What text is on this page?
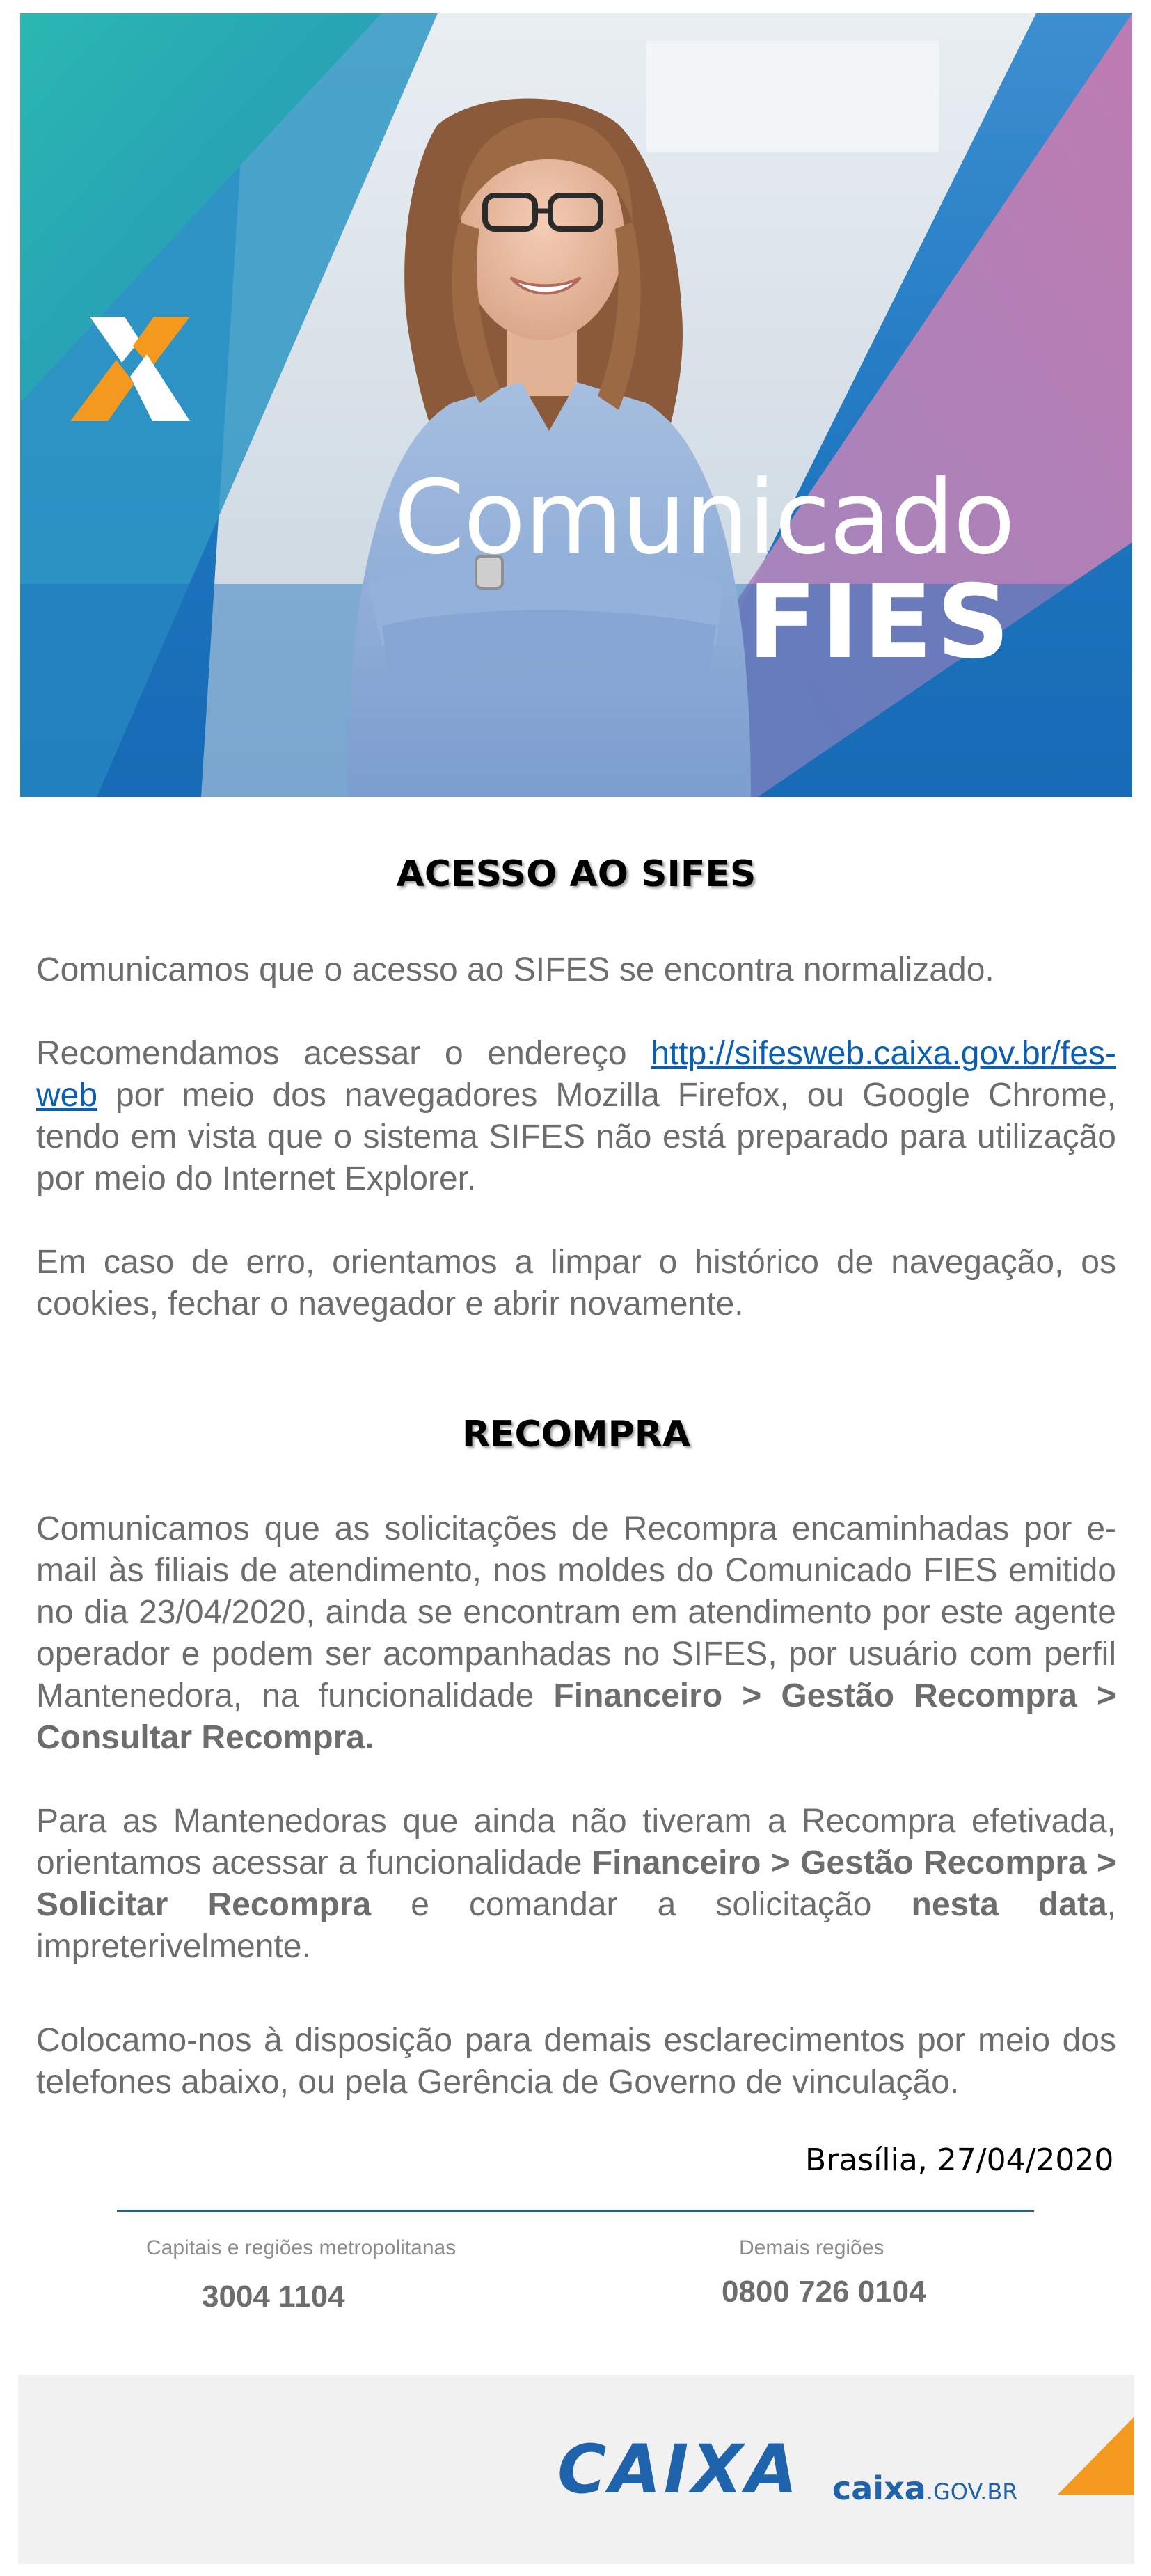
Comunicado
FIES
ACESSO AO SIFES

Comunicamos que o acesso ao SIFES se encontra normalizado.

Recomendamos acessar o endereço http://sifesweb.caixa.gov.br/fes-web por meio dos navegadores Mozilla Firefox, ou Google Chrome, tendo em vista que o sistema SIFES não está preparado para utilização por meio do Internet Explorer.

Em caso de erro, orientamos a limpar o histórico de navegação, os cookies, fechar o navegador e abrir novamente.

RECOMPRA

Comunicamos que as solicitações de Recompra encaminhadas por e-mail às filiais de atendimento, nos moldes do Comunicado FIES emitido no dia 23/04/2020, ainda se encontram em atendimento por este agente operador e podem ser acompanhadas no SIFES, por usuário com perfil Mantenedora, na funcionalidade Financeiro > Gestão Recompra > Consultar Recompra.

Para as Mantenedoras que ainda não tiveram a Recompra efetivada, orientamos acessar a funcionalidade Financeiro > Gestão Recompra > Solicitar Recompra e comandar a solicitação nesta data, impreterivelmente.

Colocamo-nos à disposição para demais esclarecimentos por meio dos telefones abaixo, ou pela Gerência de Governo de vinculação.

Brasília, 27/04/2020
Capitais e regiões metropolitanas
3004 1104
Demais regiões
0800 726 0104
CAIXA caixa.GOV.BR
